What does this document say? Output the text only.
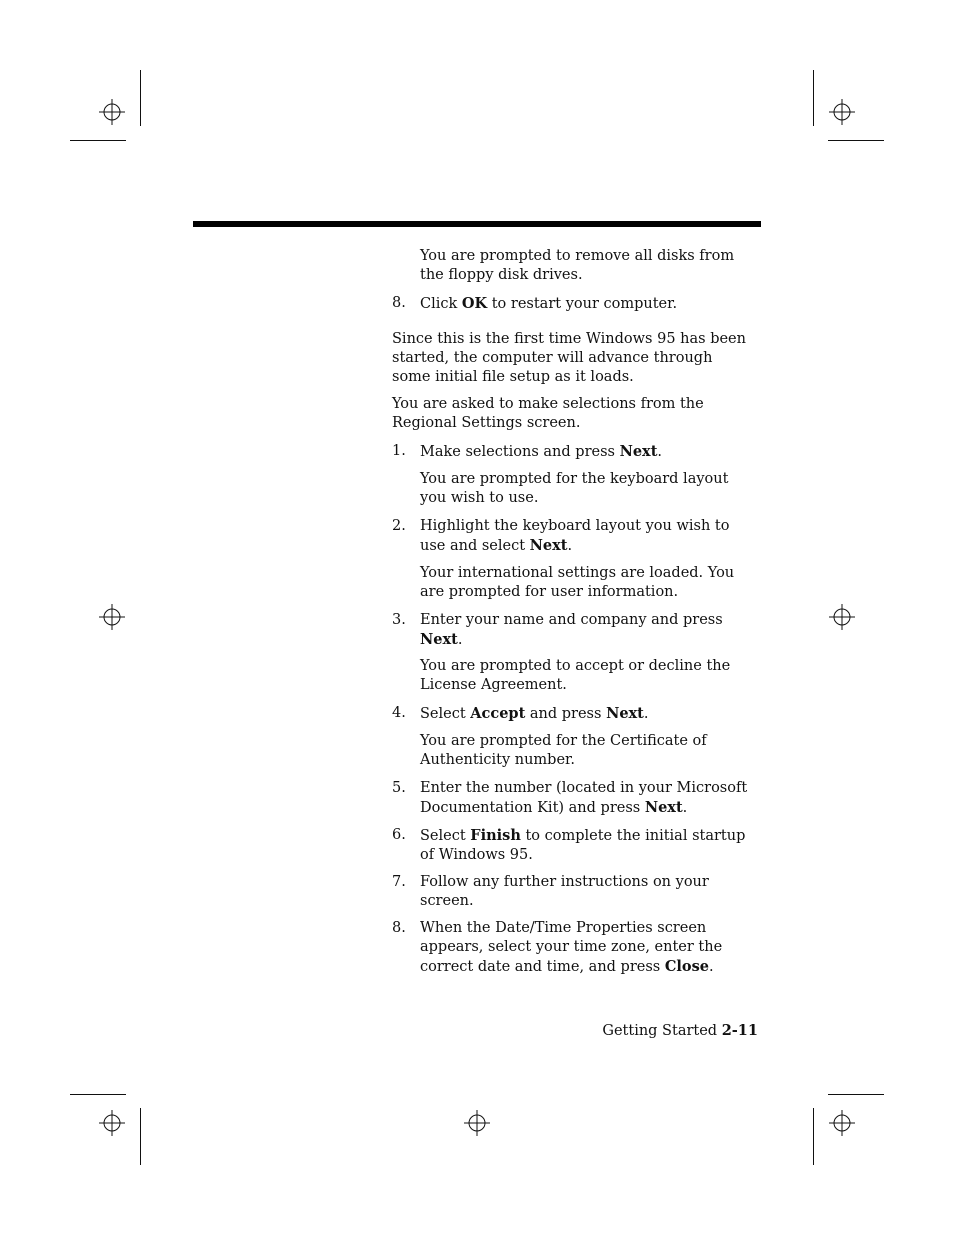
You are prompted to remove all disks from
the floppy disk drives.

8. Click OK to restart your computer.

Since this is the first time Windows 95 has been
started, the computer will advance through
some initial file setup as it loads.

You are asked to make selections from the
Regional Settings screen.

1. Make selections and press Next.

You are prompted for the keyboard layout
you wish to use.

2. Highlight the keyboard layout you wish to
use and select Next.

Your international settings are loaded. You
are prompted for user information.

3. Enter your name and company and press
Next.

You are prompted to accept or decline the
License Agreement.

4. Select Accept and press Next.

You are prompted for the Certificate of
Authenticity number.

5. Enter the number (located in your Microsoft
Documentation Kit) and press Next.

6. Select Finish to complete the initial startup
of Windows 95.

7. Follow any further instructions on your
screen.

8. When the Date/Time Properties screen
appears, select your time zone, enter the
correct date and time, and press Close.

Getting Started 2-11
